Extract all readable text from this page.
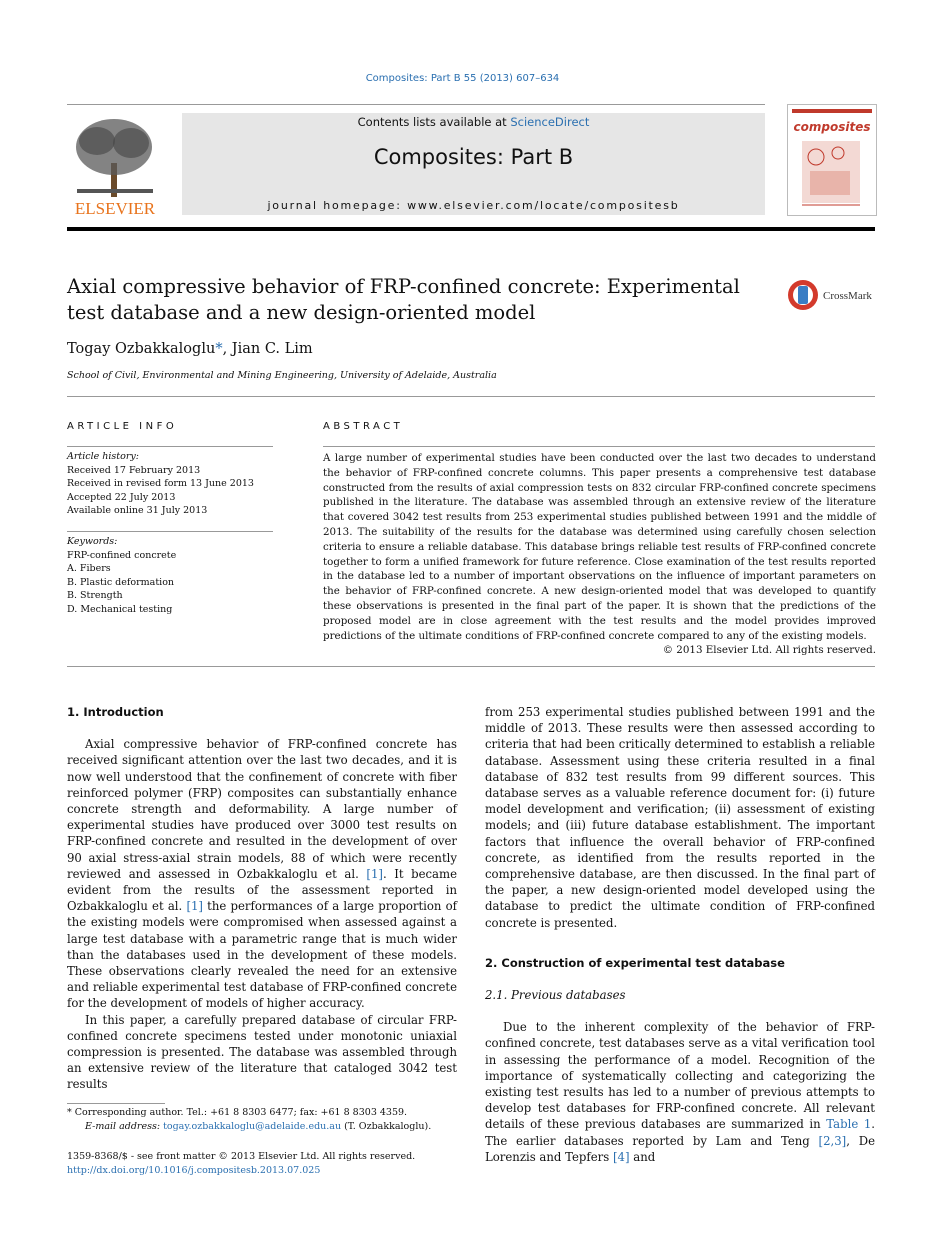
Composites: Part B 55 (2013) 607–634
ELSEVIER
Contents lists available at ScienceDirect
Composites: Part B
journal homepage: www.elsevier.com/locate/compositesb
composites
Axial compressive behavior of FRP-confined concrete: Experimental test database and a new design-oriented model
CrossMark
Togay Ozbakkaloglu*, Jian C. Lim
School of Civil, Environmental and Mining Engineering, University of Adelaide, Australia
ARTICLE INFO
Article history:
Received 17 February 2013
Received in revised form 13 June 2013
Accepted 22 July 2013
Available online 31 July 2013
Keywords:
FRP-confined concrete
A. Fibers
B. Plastic deformation
B. Strength
D. Mechanical testing
ABSTRACT
A large number of experimental studies have been conducted over the last two decades to understand the behavior of FRP-confined concrete columns. This paper presents a comprehensive test database constructed from the results of axial compression tests on 832 circular FRP-confined concrete specimens published in the literature. The database was assembled through an extensive review of the literature that covered 3042 test results from 253 experimental studies published between 1991 and the middle of 2013. The suitability of the results for the database was determined using carefully chosen selection criteria to ensure a reliable database. This database brings reliable test results of FRP-confined concrete together to form a unified framework for future reference. Close examination of the test results reported in the database led to a number of important observations on the influence of important parameters on the behavior of FRP-confined concrete. A new design-oriented model that was developed to quantify these observations is presented in the final part of the paper. It is shown that the predictions of the proposed model are in close agreement with the test results and the model provides improved predictions of the ultimate conditions of FRP-confined concrete compared to any of the existing models.
© 2013 Elsevier Ltd. All rights reserved.

1. Introduction

Axial compressive behavior of FRP-confined concrete has received significant attention over the last two decades, and it is now well understood that the confinement of concrete with fiber reinforced polymer (FRP) composites can substantially enhance concrete strength and deformability. A large number of experimental studies have produced over 3000 test results on FRP-confined concrete and resulted in the development of over 90 axial stress-axial strain models, 88 of which were recently reviewed and assessed in Ozbakkaloglu et al. [1]. It became evident from the results of the assessment reported in Ozbakkaloglu et al. [1] the performances of a large proportion of the existing models were compromised when assessed against a large test database with a parametric range that is much wider than the databases used in the development of these models. These observations clearly revealed the need for an extensive and reliable experimental test database of FRP-confined concrete for the development of models of higher accuracy.

In this paper, a carefully prepared database of circular FRP-confined concrete specimens tested under monotonic uniaxial compression is presented. The database was assembled through an extensive review of the literature that cataloged 3042 test results

from 253 experimental studies published between 1991 and the middle of 2013. These results were then assessed according to criteria that had been critically determined to establish a reliable database. Assessment using these criteria resulted in a final database of 832 test results from 99 different sources. This database serves as a valuable reference document for: (i) future model development and verification; (ii) assessment of existing models; and (iii) future database establishment. The important factors that influence the overall behavior of FRP-confined concrete, as identified from the results reported in the comprehensive database, are then discussed. In the final part of the paper, a new design-oriented model developed using the database to predict the ultimate condition of FRP-confined concrete is presented.

2. Construction of experimental test database

2.1. Previous databases

Due to the inherent complexity of the behavior of FRP-confined concrete, test databases serve as a vital verification tool in assessing the performance of a model. Recognition of the importance of systematically collecting and categorizing the existing test results has led to a number of previous attempts to develop test databases for FRP-confined concrete. All relevant details of these previous databases are summarized in Table 1. The earlier databases reported by Lam and Teng [2,3], De Lorenzis and Tepfers [4] and

* Corresponding author. Tel.: +61 8 8303 6477; fax: +61 8 8303 4359.
E-mail address: togay.ozbakkaloglu@adelaide.edu.au (T. Ozbakkaloglu).
1359-8368/$ - see front matter © 2013 Elsevier Ltd. All rights reserved.
http://dx.doi.org/10.1016/j.compositesb.2013.07.025
